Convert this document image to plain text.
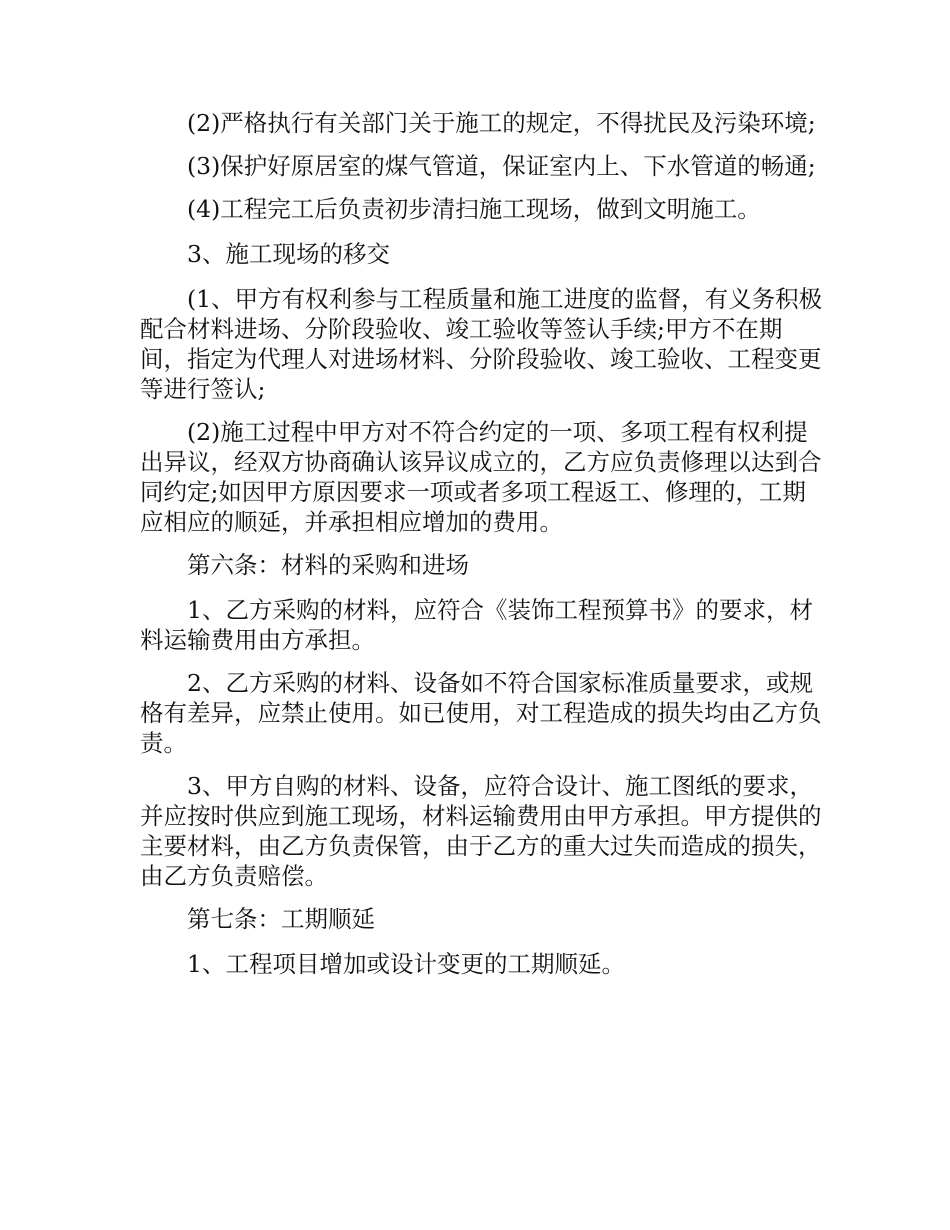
(2)严格执行有关部门关于施工的规定，不得扰民及污染环境;

(3)保护好原居室的煤气管道，保证室内上、下水管道的畅通;

(4)工程完工后负责初步清扫施工现场，做到文明施工。

3、施工现场的移交

(1、甲方有权利参与工程质量和施工进度的监督，有义务积极配合材料进场、分阶段验收、竣工验收等签认手续;甲方不在期间，指定为代理人对进场材料、分阶段验收、竣工验收、工程变更等进行签认;

(2)施工过程中甲方对不符合约定的一项、多项工程有权利提出异议，经双方协商确认该异议成立的，乙方应负责修理以达到合同约定;如因甲方原因要求一项或者多项工程返工、修理的，工期应相应的顺延，并承担相应增加的费用。

第六条：材料的采购和进场

1、乙方采购的材料，应符合《装饰工程预算书》的要求，材料运输费用由方承担。

2、乙方采购的材料、设备如不符合国家标准质量要求，或规格有差异，应禁止使用。如已使用，对工程造成的损失均由乙方负责。

3、甲方自购的材料、设备，应符合设计、施工图纸的要求，并应按时供应到施工现场，材料运输费用由甲方承担。甲方提供的主要材料，由乙方负责保管，由于乙方的重大过失而造成的损失，由乙方负责赔偿。

第七条：工期顺延

1、工程项目增加或设计变更的工期顺延。
